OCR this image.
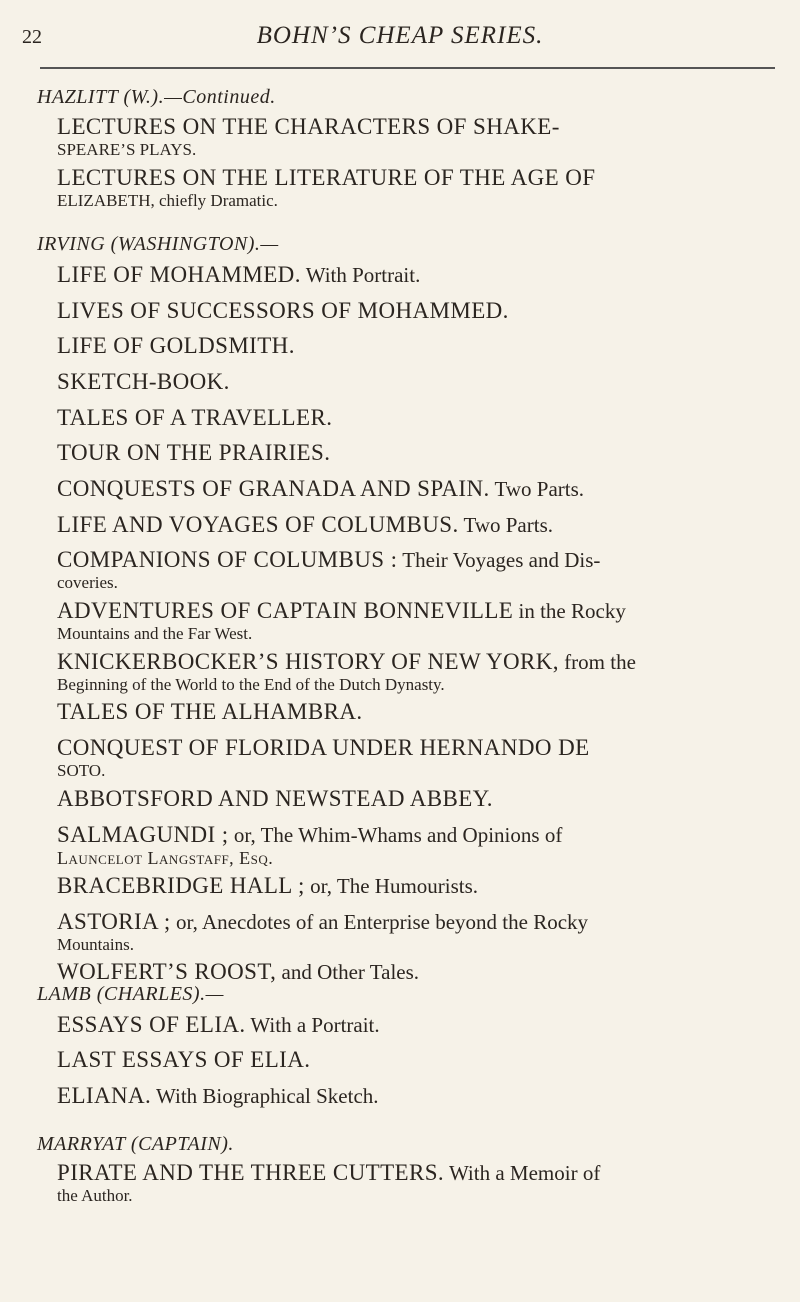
22	BOHN’S CHEAP SERIES.
HAZLITT (W.).—Continued.
LECTURES ON THE CHARACTERS OF SHAKE-
SPEARE’S PLAYS.
LECTURES ON THE LITERATURE OF THE AGE OF
ELIZABETH, chiefly Dramatic.
IRVING (WASHINGTON).—
LIFE OF MOHAMMED. With Portrait.
LIVES OF SUCCESSORS OF MOHAMMED.
LIFE OF GOLDSMITH.
SKETCH-BOOK.
TALES OF A TRAVELLER.
TOUR ON THE PRAIRIES.
CONQUESTS OF GRANADA AND SPAIN. Two Parts.
LIFE AND VOYAGES OF COLUMBUS. Two Parts.
COMPANIONS OF COLUMBUS : Their Voyages and Dis-
coveries.
ADVENTURES OF CAPTAIN BONNEVILLE in the Rocky
Mountains and the Far West.
KNICKERBOCKER’S HISTORY OF NEW YORK, from the
Beginning of the World to the End of the Dutch Dynasty.
TALES OF THE ALHAMBRA.
CONQUEST OF FLORIDA UNDER HERNANDO DE
SOTO.
ABBOTSFORD AND NEWSTEAD ABBEY.
SALMAGUNDI ; or, The Whim-Whams and Opinions of
Launcelot Langstaff, Esq.
BRACEBRIDGE HALL ; or, The Humourists.
ASTORIA ; or, Anecdotes of an Enterprise beyond the Rocky
Mountains.
WOLFERT’S ROOST, and Other Tales.
LAMB (CHARLES).—
ESSAYS OF ELIA. With a Portrait.
LAST ESSAYS OF ELIA.
ELIANA. With Biographical Sketch.
MARRYAT (CAPTAIN).
PIRATE AND THE THREE CUTTERS. With a Memoir of
the Author.
